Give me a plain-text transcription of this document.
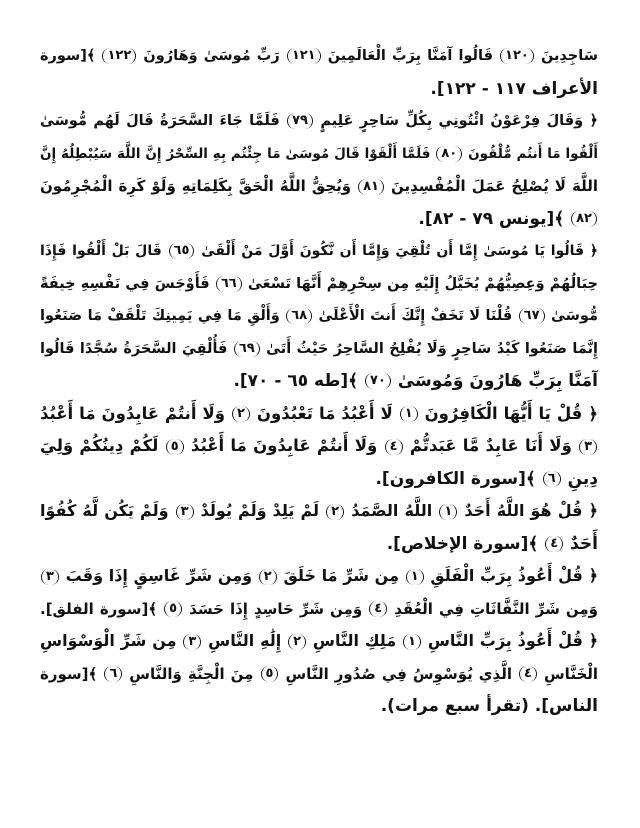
سَاجِدِينَ ١٢٠ قَالُوا آمَنَّا بِرَبِّ الْعَالَمِينَ ١٢١ رَبِّ مُوسَىٰ وَهَارُونَ ١٢٢ ﴾[سورة
الأعراف ١١٧ - ١٢٢].
﴿ وَقَالَ فِرْعَوْنُ ائْتُونِي بِكُلِّ سَاحِرٍ عَلِيمٍ ٧٩ فَلَمَّا جَاءَ السَّحَرَةُ قَالَ لَهُم مُّوسَىٰ
أَلْقُوا مَا أَنتُم مُّلْقُونَ ٨٠ فَلَمَّا أَلْقَوْا قَالَ مُوسَىٰ مَا جِئْتُم بِهِ السِّحْرُ إِنَّ اللَّهَ سَيُبْطِلُهُ إِنَّ
اللَّهَ لَا يُصْلِحُ عَمَلَ الْمُفْسِدِينَ ٨١ وَيُحِقُّ اللَّهُ الْحَقَّ بِكَلِمَاتِهِ وَلَوْ كَرِهَ الْمُجْرِمُونَ
٨٢ ﴾[يونس ٧٩ - ٨٢].
﴿ قَالُوا يَا مُوسَىٰ إِمَّا أَن تُلْقِيَ وَإِمَّا أَن نَّكُونَ أَوَّلَ مَنْ أَلْقَىٰ ٦٥ قَالَ بَلْ أَلْقُوا فَإِذَا
حِبَالُهُمْ وَعِصِيُّهُمْ يُخَيَّلُ إِلَيْهِ مِن سِحْرِهِمْ أَنَّهَا تَسْعَىٰ ٦٦ فَأَوْجَسَ فِي نَفْسِهِ خِيفَةً
مُّوسَىٰ ٦٧ قُلْنَا لَا تَخَفْ إِنَّكَ أَنتَ الْأَعْلَىٰ ٦٨ وَأَلْقِ مَا فِي يَمِينِكَ تَلْقَفْ مَا صَنَعُوا
إِنَّمَا صَنَعُوا كَيْدُ سَاحِرٍ وَلَا يُفْلِحُ السَّاحِرُ حَيْثُ أَتَىٰ ٦٩ فَأُلْقِيَ السَّحَرَةُ سُجَّدًا قَالُوا
آمَنَّا بِرَبِّ هَارُونَ وَمُوسَىٰ ٧٠ ﴾[طه ٦٥ - ٧٠].
﴿ قُلْ يَا أَيُّهَا الْكَافِرُونَ ١ لَا أَعْبُدُ مَا تَعْبُدُونَ ٢ وَلَا أَنتُمْ عَابِدُونَ مَا أَعْبُدُ
٣ وَلَا أَنَا عَابِدٌ مَّا عَبَدتُّمْ ٤ وَلَا أَنتُمْ عَابِدُونَ مَا أَعْبُدُ ٥ لَكُمْ دِينُكُمْ وَلِيَ
دِينِ ٦ ﴾[سورة الكافرون].
﴿ قُلْ هُوَ اللَّهُ أَحَدٌ ١ اللَّهُ الصَّمَدُ ٢ لَمْ يَلِدْ وَلَمْ يُولَدْ ٣ وَلَمْ يَكُن لَّهُ كُفُوًا
أَحَدٌ ٤ ﴾[سورة الإخلاص].
﴿ قُلْ أَعُوذُ بِرَبِّ الْفَلَقِ ١ مِن شَرِّ مَا خَلَقَ ٢ وَمِن شَرِّ غَاسِقٍ إِذَا وَقَبَ ٣
وَمِن شَرِّ النَّفَّاثَاتِ فِي الْعُقَدِ ٤ وَمِن شَرِّ حَاسِدٍ إِذَا حَسَدَ ٥ ﴾[سورة الفلق].
﴿ قُلْ أَعُوذُ بِرَبِّ النَّاسِ ١ مَلِكِ النَّاسِ ٢ إِلَٰهِ النَّاسِ ٣ مِن شَرِّ الْوَسْوَاسِ
الْخَنَّاسِ ٤ الَّذِي يُوَسْوِسُ فِي صُدُورِ النَّاسِ ٥ مِنَ الْجِنَّةِ وَالنَّاسِ ٦ ﴾[سورة
الناس]. (تقرأ سبع مرات).
